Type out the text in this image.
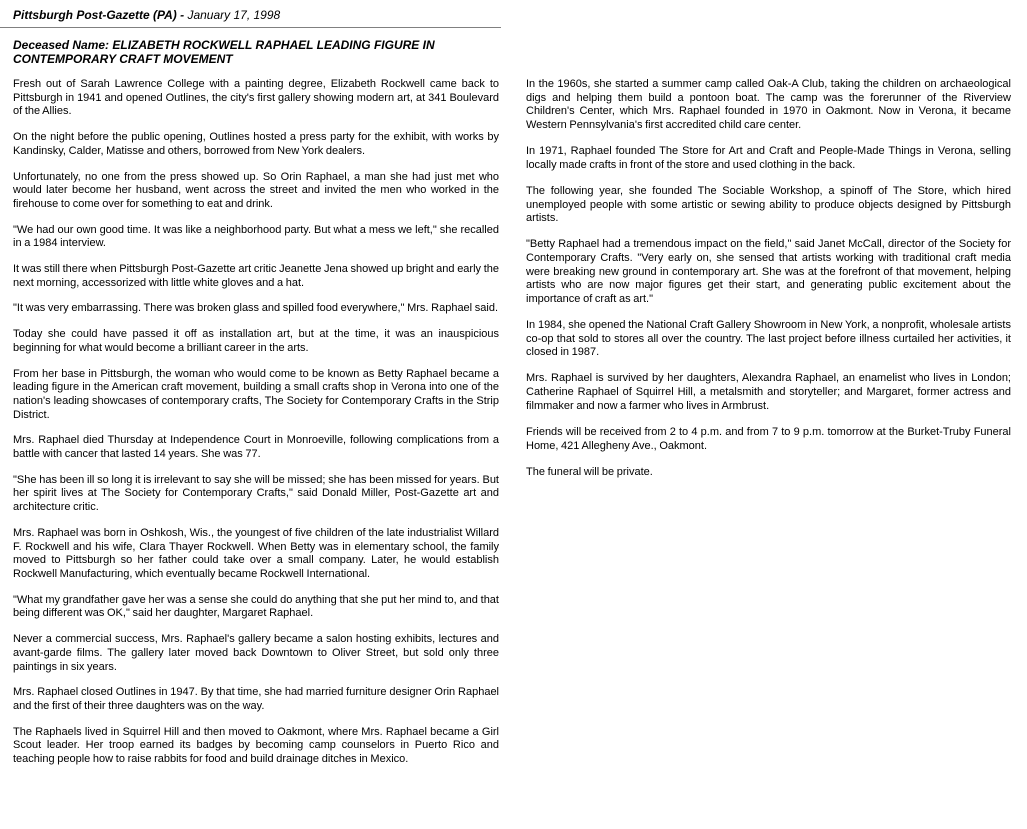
Pittsburgh Post-Gazette (PA) - January 17, 1998
Deceased Name: ELIZABETH ROCKWELL RAPHAEL LEADING FIGURE IN CONTEMPORARY CRAFT MOVEMENT

Fresh out of Sarah Lawrence College with a painting degree, Elizabeth Rockwell came back to Pittsburgh in 1941 and opened Outlines, the city's first gallery showing modern art, at 341 Boulevard of the Allies.

On the night before the public opening, Outlines hosted a press party for the exhibit, with works by Kandinsky, Calder, Matisse and others, borrowed from New York dealers.

Unfortunately, no one from the press showed up. So Orin Raphael, a man she had just met who would later become her husband, went across the street and invited the men who worked in the firehouse to come over for something to eat and drink.

"We had our own good time. It was like a neighborhood party. But what a mess we left," she recalled in a 1984 interview.

It was still there when Pittsburgh Post-Gazette art critic Jeanette Jena showed up bright and early the next morning, accessorized with little white gloves and a hat.

"It was very embarrassing. There was broken glass and spilled food everywhere," Mrs. Raphael said.

Today she could have passed it off as installation art, but at the time, it was an inauspicious beginning for what would become a brilliant career in the arts.

From her base in Pittsburgh, the woman who would come to be known as Betty Raphael became a leading figure in the American craft movement, building a small crafts shop in Verona into one of the nation's leading showcases of contemporary crafts, The Society for Contemporary Crafts in the Strip District.

Mrs. Raphael died Thursday at Independence Court in Monroeville, following complications from a battle with cancer that lasted 14 years. She was 77.

"She has been ill so long it is irrelevant to say she will be missed; she has been missed for years. But her spirit lives at The Society for Contemporary Crafts," said Donald Miller, Post-Gazette art and architecture critic.

Mrs. Raphael was born in Oshkosh, Wis., the youngest of five children of the late industrialist Willard F. Rockwell and his wife, Clara Thayer Rockwell. When Betty was in elementary school, the family moved to Pittsburgh so her father could take over a small company. Later, he would establish Rockwell Manufacturing, which eventually became Rockwell International.

"What my grandfather gave her was a sense she could do anything that she put her mind to, and that being different was OK," said her daughter, Margaret Raphael.

Never a commercial success, Mrs. Raphael's gallery became a salon hosting exhibits, lectures and avant-garde films. The gallery later moved back Downtown to Oliver Street, but sold only three paintings in six years.

Mrs. Raphael closed Outlines in 1947. By that time, she had married furniture designer Orin Raphael and the first of their three daughters was on the way.

The Raphaels lived in Squirrel Hill and then moved to Oakmont, where Mrs. Raphael became a Girl Scout leader. Her troop earned its badges by becoming camp counselors in Puerto Rico and teaching people how to raise rabbits for food and build drainage ditches in Mexico.

In the 1960s, she started a summer camp called Oak-A Club, taking the children on archaeological digs and helping them build a pontoon boat. The camp was the forerunner of the Riverview Children's Center, which Mrs. Raphael founded in 1970 in Oakmont. Now in Verona, it became Western Pennsylvania's first accredited child care center.

In 1971, Raphael founded The Store for Art and Craft and People-Made Things in Verona, selling locally made crafts in front of the store and used clothing in the back.

The following year, she founded The Sociable Workshop, a spinoff of The Store, which hired unemployed people with some artistic or sewing ability to produce objects designed by Pittsburgh artists.

"Betty Raphael had a tremendous impact on the field," said Janet McCall, director of the Society for Contemporary Crafts. "Very early on, she sensed that artists working with traditional craft media were breaking new ground in contemporary art. She was at the forefront of that movement, helping artists who are now major figures get their start, and generating public excitement about the importance of craft as art."

In 1984, she opened the National Craft Gallery Showroom in New York, a nonprofit, wholesale artists co-op that sold to stores all over the country. The last project before illness curtailed her activities, it closed in 1987.

Mrs. Raphael is survived by her daughters, Alexandra Raphael, an enamelist who lives in London; Catherine Raphael of Squirrel Hill, a metalsmith and storyteller; and Margaret, former actress and filmmaker and now a farmer who lives in Armbrust.

Friends will be received from 2 to 4 p.m. and from 7 to 9 p.m. tomorrow at the Burket-Truby Funeral Home, 421 Allegheny Ave., Oakmont.

The funeral will be private.
